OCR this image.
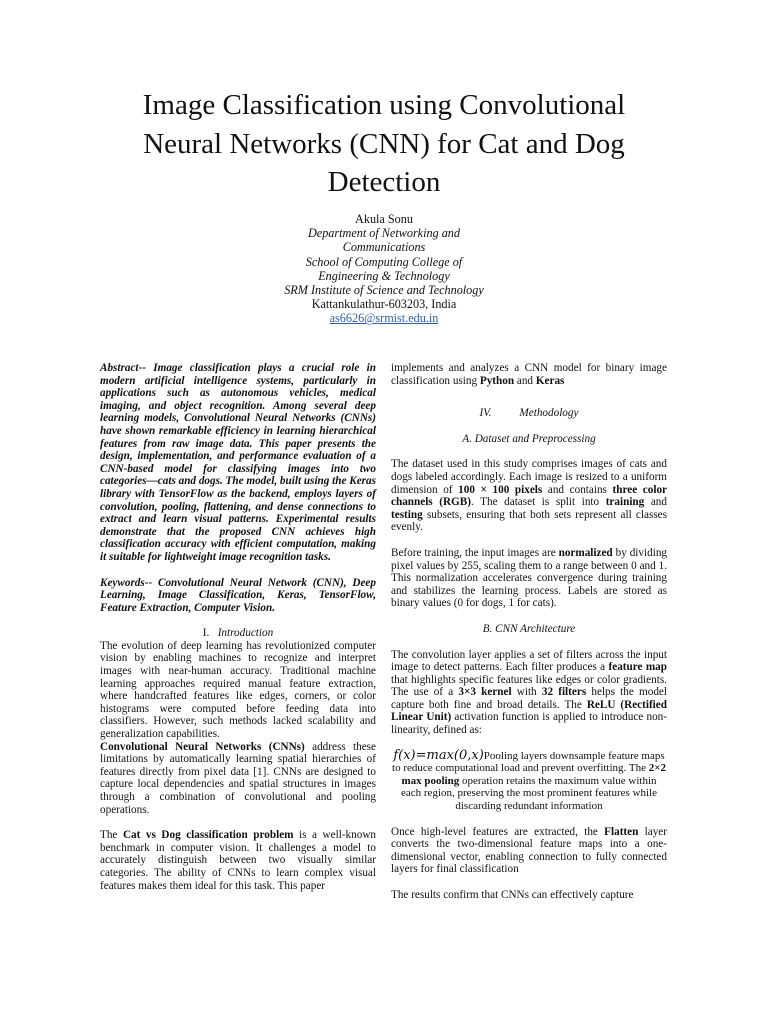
Image Classification using Convolutional Neural Networks (CNN) for Cat and Dog Detection
Akula Sonu
Department of Networking and Communications
School of Computing College of Engineering & Technology
SRM Institute of Science and Technology
Kattankulathur-603203, India
as6626@srmist.edu.in

Abstract-- Image classification plays a crucial role in modern artificial intelligence systems, particularly in applications such as autonomous vehicles, medical imaging, and object recognition. Among several deep learning models, Convolutional Neural Networks (CNNs) have shown remarkable efficiency in learning hierarchical features from raw image data. This paper presents the design, implementation, and performance evaluation of a CNN-based model for classifying images into two categories—cats and dogs. The model, built using the Keras library with TensorFlow as the backend, employs layers of convolution, pooling, flattening, and dense connections to extract and learn visual patterns. Experimental results demonstrate that the proposed CNN achieves high classification accuracy with efficient computation, making it suitable for lightweight image recognition tasks.

Keywords-- Convolutional Neural Network (CNN), Deep Learning, Image Classification, Keras, TensorFlow, Feature Extraction, Computer Vision.

I. Introduction

The evolution of deep learning has revolutionized computer vision by enabling machines to recognize and interpret images with near-human accuracy. Traditional machine learning approaches required manual feature extraction, where handcrafted features like edges, corners, or color histograms were computed before feeding data into classifiers. However, such methods lacked scalability and generalization capabilities.

Convolutional Neural Networks (CNNs) address these limitations by automatically learning spatial hierarchies of features directly from pixel data [1]. CNNs are designed to capture local dependencies and spatial structures in images through a combination of convolutional and pooling operations.

The Cat vs Dog classification problem is a well-known benchmark in computer vision. It challenges a model to accurately distinguish between two visually similar categories. The ability of CNNs to learn complex visual features makes them ideal for this task. This paper

implements and analyzes a CNN model for binary image classification using Python and Keras

IV. Methodology

A. Dataset and Preprocessing

The dataset used in this study comprises images of cats and dogs labeled accordingly. Each image is resized to a uniform dimension of 100 × 100 pixels and contains three color channels (RGB). The dataset is split into training and testing subsets, ensuring that both sets represent all classes evenly.

Before training, the input images are normalized by dividing pixel values by 255, scaling them to a range between 0 and 1. This normalization accelerates convergence during training and stabilizes the learning process. Labels are stored as binary values (0 for dogs, 1 for cats).

B. CNN Architecture

The convolution layer applies a set of filters across the input image to detect patterns. Each filter produces a feature map that highlights specific features like edges or color gradients. The use of a 3×3 kernel with 32 filters helps the model capture both fine and broad details. The ReLU (Rectified Linear Unit) activation function is applied to introduce non-linearity, defined as:

f(x)=max(0,x)Pooling layers downsample feature maps to reduce computational load and prevent overfitting. The 2×2 max pooling operation retains the maximum value within each region, preserving the most prominent features while discarding redundant information

Once high-level features are extracted, the Flatten layer converts the two-dimensional feature maps into a one-dimensional vector, enabling connection to fully connected layers for final classification

The results confirm that CNNs can effectively capture
